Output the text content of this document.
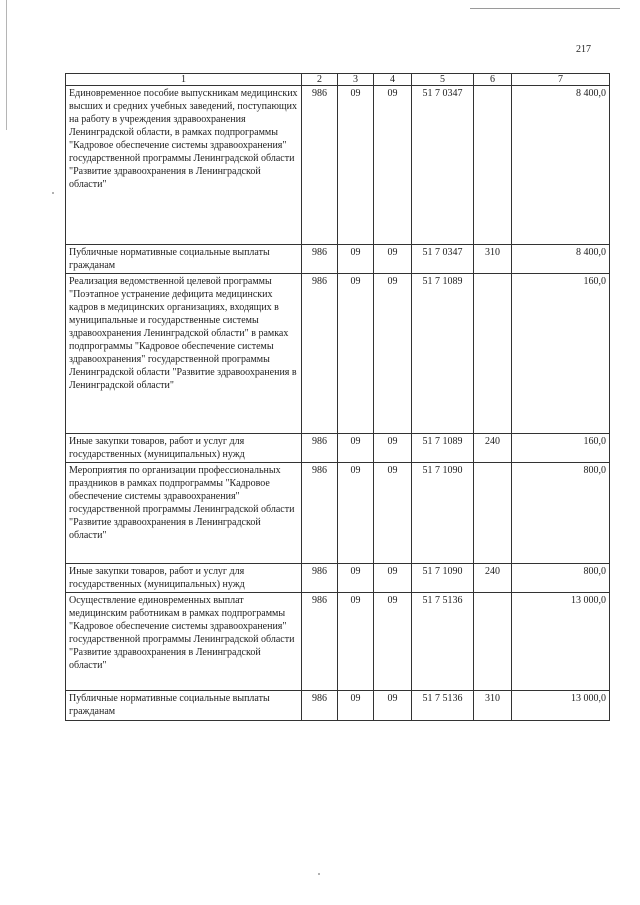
217
1	2	3	4	5	6	7
Единовременное пособие выпускникам медицинских высших и средних учебных заведений, поступающих на работу в учреждения здравоохранения Ленинградской области, в рамках подпрограммы "Кадровое обеспечение системы здравоохранения" государственной программы Ленинградской области "Развитие здравоохранения в Ленинградской области"	986	09	09	51 7 0347		8 400,0
Публичные нормативные социальные выплаты гражданам	986	09	09	51 7 0347	310	8 400,0
Реализация ведомственной целевой программы "Поэтапное устранение дефицита медицинских кадров в медицинских организациях, входящих в муниципальные и государственные системы здравоохранения Ленинградской области" в рамках подпрограммы "Кадровое обеспечение системы здравоохранения" государственной программы Ленинградской области "Развитие здравоохранения в Ленинградской области"	986	09	09	51 7 1089		160,0
Иные закупки товаров, работ и услуг для государственных (муниципальных) нужд	986	09	09	51 7 1089	240	160,0
Мероприятия по организации профессиональных праздников в рамках подпрограммы "Кадровое обеспечение системы здравоохранения" государственной программы Ленинградской области "Развитие здравоохранения в Ленинградской области"	986	09	09	51 7 1090		800,0
Иные закупки товаров, работ и услуг для государственных (муниципальных) нужд	986	09	09	51 7 1090	240	800,0
Осуществление единовременных выплат медицинским работникам в рамках подпрограммы "Кадровое обеспечение системы здравоохранения" государственной программы Ленинградской области "Развитие здравоохранения в Ленинградской области"	986	09	09	51 7 5136		13 000,0
Публичные нормативные социальные выплаты гражданам	986	09	09	51 7 5136	310	13 000,0
